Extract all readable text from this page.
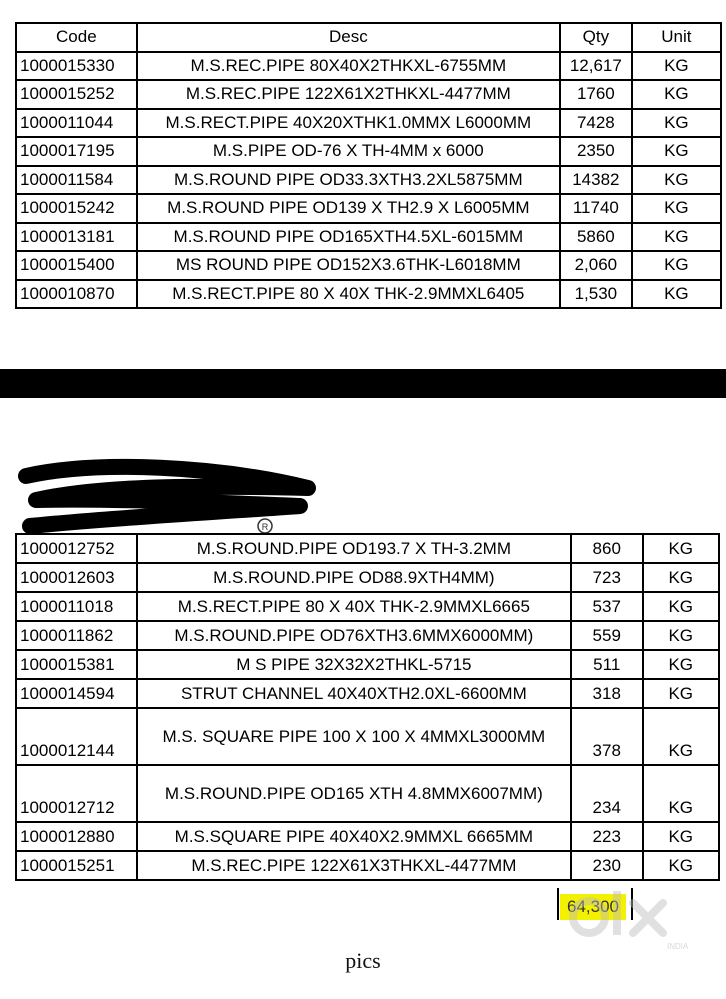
Code	Desc	Qty	Unit
1000015330	M.S.REC.PIPE 80X40X2THKXL-6755MM	12,617	KG
1000015252	M.S.REC.PIPE 122X61X2THKXL-4477MM	1760	KG
1000011044	M.S.RECT.PIPE 40X20XTHK1.0MMX L6000MM	7428	KG
1000017195	M.S.PIPE OD-76 X TH-4MM x 6000	2350	KG
1000011584	M.S.ROUND PIPE OD33.3XTH3.2XL5875MM	14382	KG
1000015242	M.S.ROUND PIPE OD139 X TH2.9 X L6005MM	11740	KG
1000013181	M.S.ROUND PIPE OD165XTH4.5XL-6015MM	5860	KG
1000015400	MS ROUND PIPE OD152X3.6THK-L6018MM	2,060	KG
1000010870	M.S.RECT.PIPE 80 X 40X THK-2.9MMXL6405	1,530	KG
R
1000012752	M.S.ROUND.PIPE OD193.7 X TH-3.2MM	860	KG
1000012603	M.S.ROUND.PIPE OD88.9XTH4MM)	723	KG
1000011018	M.S.RECT.PIPE 80 X 40X THK-2.9MMXL6665	537	KG
1000011862	M.S.ROUND.PIPE OD76XTH3.6MMX6000MM)	559	KG
1000015381	M S PIPE 32X32X2THKL-5715	511	KG
1000014594	STRUT CHANNEL 40X40XTH2.0XL-6600MM	318	KG
1000012144	M.S. SQUARE PIPE 100 X 100 X 4MMXL3000MM	378	KG
1000012712	M.S.ROUND.PIPE OD165 XTH 4.8MMX6007MM)	234	KG
1000012880	M.S.SQUARE PIPE 40X40X2.9MMXL 6665MM	223	KG
1000015251	M.S.REC.PIPE 122X61X3THKXL-4477MM	230	KG
64,300
INDIA
pics
